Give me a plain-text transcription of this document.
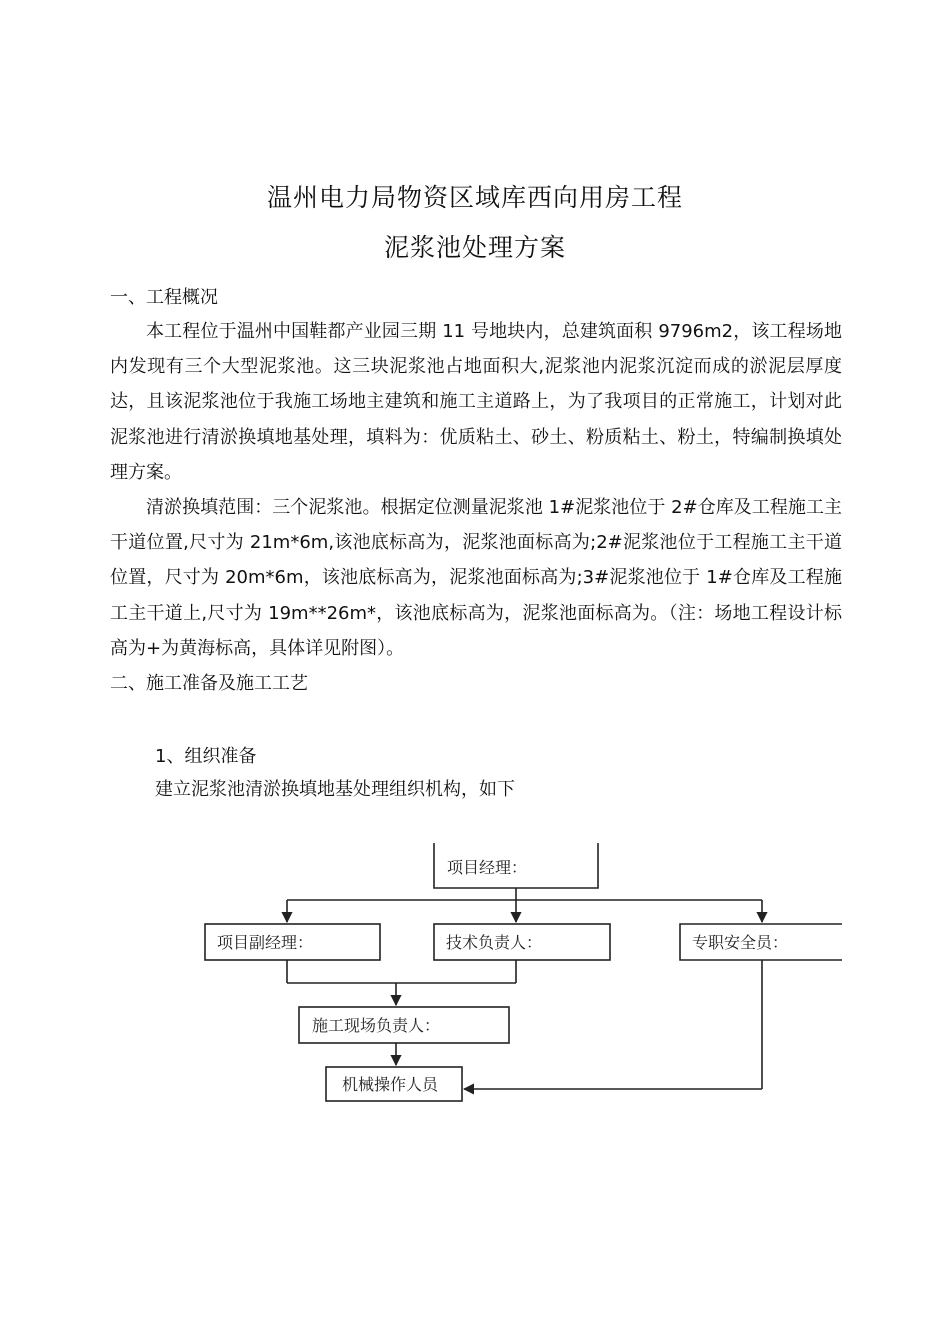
温州电力局物资区域库西向用房工程
泥浆池处理方案
一、工程概况

本工程位于温州中国鞋都产业园三期 11 号地块内，总建筑面积 9796m2，该工程场地内发现有三个大型泥浆池。这三块泥浆池占地面积大,泥浆池内泥浆沉淀而成的淤泥层厚度达，且该泥浆池位于我施工场地主建筑和施工主道路上，为了我项目的正常施工，计划对此泥浆池进行清淤换填地基处理，填料为：优质粘土、砂土、粉质粘土、粉土，特编制换填处理方案。

清淤换填范围：三个泥浆池。根据定位测量泥浆池 1#泥浆池位于 2#仓库及工程施工主干道位置,尺寸为 21m*6m,该池底标高为，泥浆池面标高为;2#泥浆池位于工程施工主干道位置，尺寸为 20m*6m，该池底标高为，泥浆池面标高为;3#泥浆池位于 1#仓库及工程施工主干道上,尺寸为 19m**26m*，该池底标高为，泥浆池面标高为。（注：场地工程设计标高为+为黄海标高，具体详见附图）。

二、施工准备及施工工艺

1、组织准备

建立泥浆池清淤换填地基处理组织机构，如下

项目经理：
项目副经理：	技术负责人：	专职安全员：
施工现场负责人：
机械操作人员
